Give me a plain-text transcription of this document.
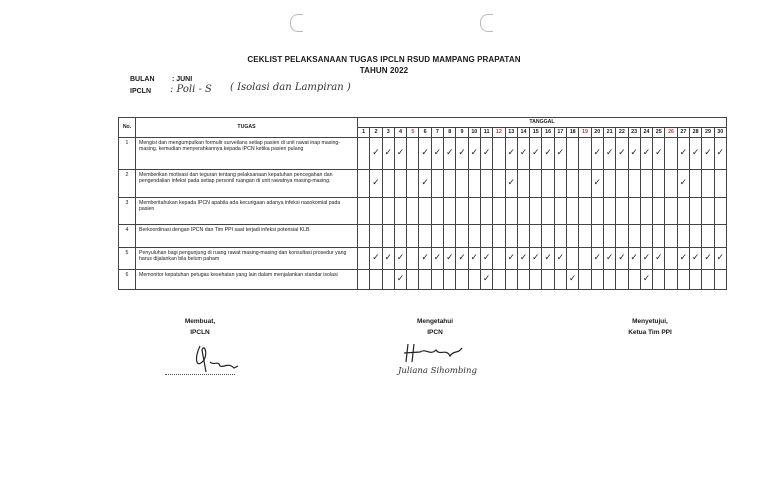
CEKLIST PELAKSANAAN TUGAS IPCLN RSUD MAMPANG PRAPATAN
TAHUN 2022
BULAN : JUNI
IPCLN	: Poli - S ( Isolasi dan Lampiran )
No.	TUGAS	TANGGAL																													
		1	2	3	4	5	6	7	8	9	10	11	12	13	14	15	16	17	18	19	20	21	22	23	24	25	26	27	28	29	30
1	Mengisi dan mengumpulkan formulir surveilans setiap pasien di unit rawat inap masing-masing, kemudian menyerahkannya kepada IPCN ketika pasien pulang		✓	✓	✓		✓	✓	✓	✓	✓	✓		✓	✓	✓	✓	✓			✓	✓	✓	✓	✓	✓		✓	✓	✓	✓
2	Memberikan motivasi dan teguran tentang pelaksanaan kepatuhan pencegahan dan pengendalian infeksi pada setiap personil ruangan di unit rawatnya masing-masing.		✓				✓							✓							✓							✓			
3	Memberitahukan kepada IPCN apabila ada kecurigaan adanya infeksi nasokomial pada pasien																														
4	Berkoordinasi dengan IPCN dan Tim PPI saat terjadi infeksi potensial KLB																														
5	Penyuluhan bagi pengunjung di ruang rawat masing-masing dan konsultasi prosedur yang harus dijalankan bila belum paham		✓	✓	✓		✓	✓	✓	✓	✓	✓		✓	✓	✓	✓	✓			✓	✓	✓	✓	✓	✓		✓	✓	✓	✓
6	Memonitor kepatuhan petugas kesehatan yang lain dalam menjalankan standar isolasi				✓							✓							✓						✓						
Membuat,
IPCLN
Mengetahui
IPCN
Juliana Sihombing
Menyetujui,
Ketua Tim PPI
